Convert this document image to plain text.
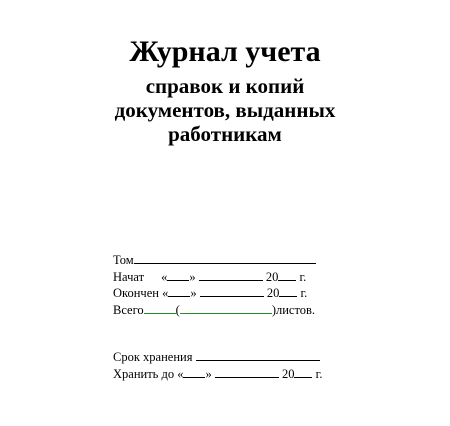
Журнал учета
справок и копий
документов, выданных
работникам
Том
Начат « »	20 г.
Окончен « »	20 г.
Всего	(	)листов.
Срок хранения
Хранить до « »	20 г.
